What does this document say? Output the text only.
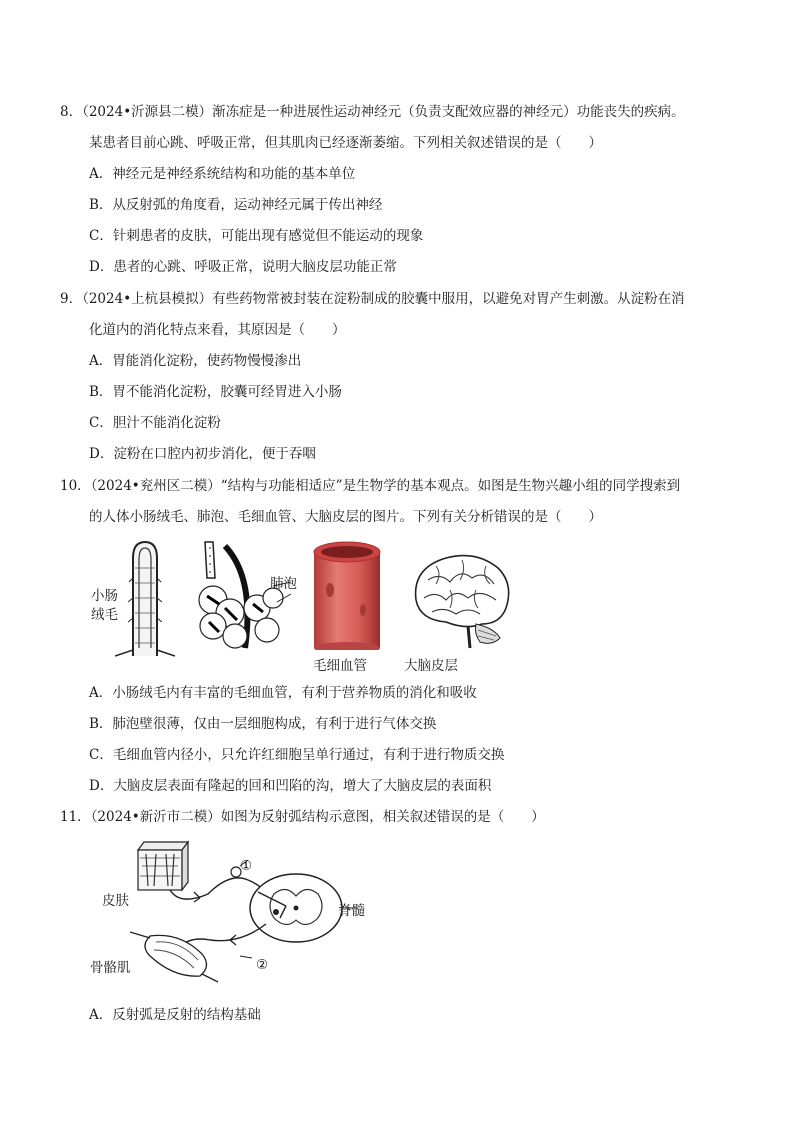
8．（2024•沂源县二模）渐冻症是一种进展性运动神经元（负责支配效应器的神经元）功能丧失的疾病。
某患者目前心跳、呼吸正常，但其肌肉已经逐渐萎缩。下列相关叙述错误的是（　　）
A．神经元是神经系统结构和功能的基本单位
B．从反射弧的角度看，运动神经元属于传出神经
C．针刺患者的皮肤，可能出现有感觉但不能运动的现象
D．患者的心跳、呼吸正常，说明大脑皮层功能正常
9．（2024•上杭县模拟）有些药物常被封装在淀粉制成的胶囊中服用，以避免对胃产生刺激。从淀粉在消
化道内的消化特点来看，其原因是（　　）
A．胃能消化淀粉，使药物慢慢渗出
B．胃不能消化淀粉，胶囊可经胃进入小肠
C．胆汁不能消化淀粉
D．淀粉在口腔内初步消化，便于吞咽
10．（2024•兖州区二模）“结构与功能相适应”是生物学的基本观点。如图是生物兴趣小组的同学搜索到
的人体小肠绒毛、肺泡、毛细血管、大脑皮层的图片。下列有关分析错误的是（　　）
小肠
绒毛
肺泡
毛细血管	大脑皮层
A．小肠绒毛内有丰富的毛细血管，有利于营养物质的消化和吸收
B．肺泡壁很薄，仅由一层细胞构成，有利于进行气体交换
C．毛细血管内径小，只允许红细胞呈单行通过，有利于进行物质交换
D．大脑皮层表面有隆起的回和凹陷的沟，增大了大脑皮层的表面积
11．（2024•新沂市二模）如图为反射弧结构示意图，相关叙述错误的是（　　）
皮肤
骨骼肌
脊髓
①
②
A．反射弧是反射的结构基础
